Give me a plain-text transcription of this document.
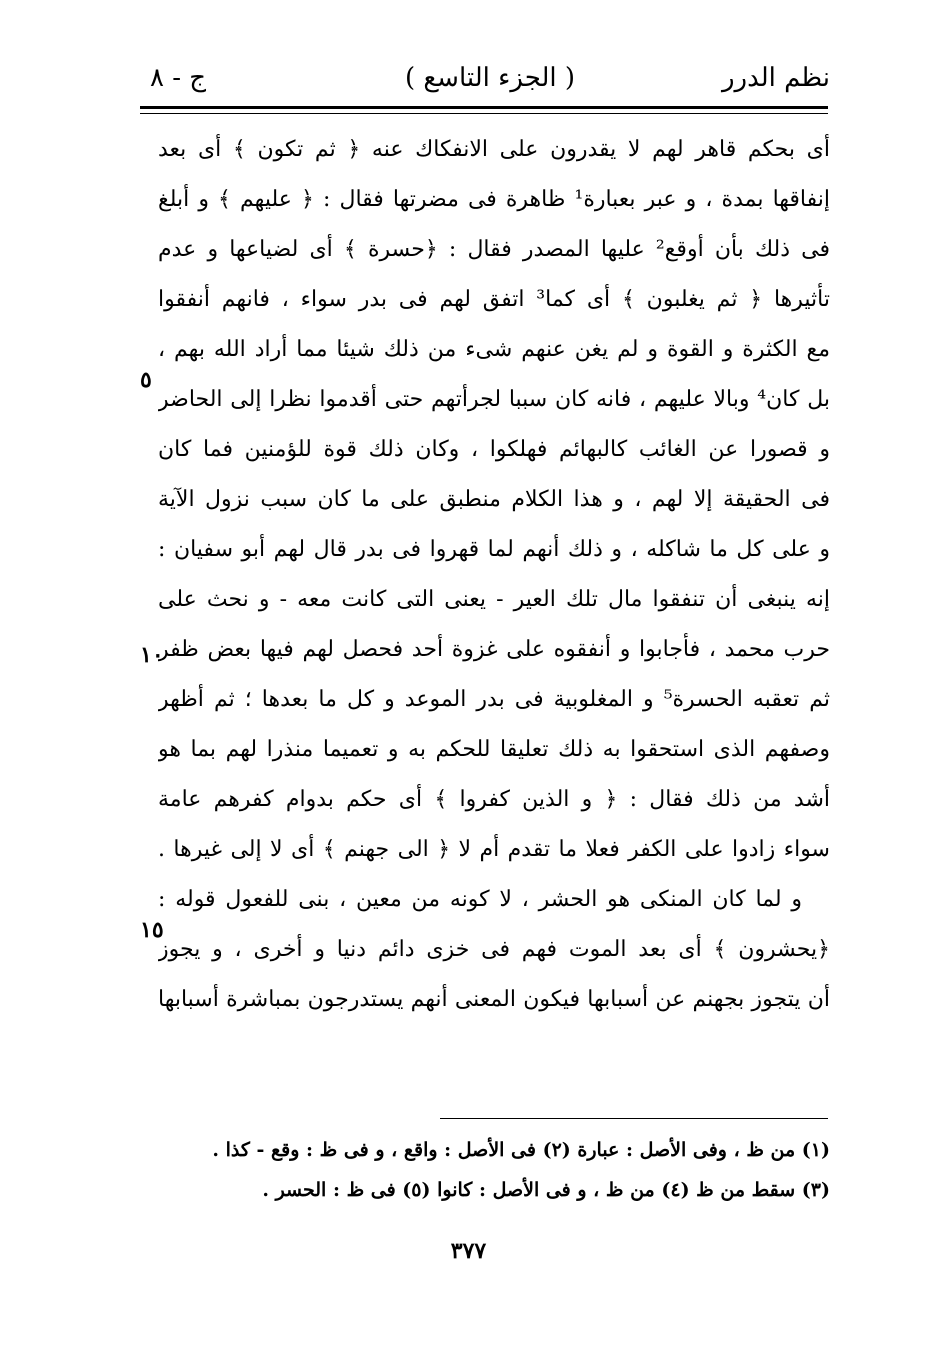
نظم الدرر
( الجزء التاسع )
ج - ٨
أى بحكم قاهر لهم لا يقدرون على الانفكاك عنه ﴿ ثم تكون ﴾ أى بعد
إنفاقها بمدة ، و عبر بعبارة¹ ظاهرة فى مضرتها فقال : ﴿ عليهم ﴾ و أبلغ
فى ذلك بأن أوقع² عليها المصدر فقال : ﴿حسرة ﴾ أى لضياعها و عدم
تأثيرها ﴿ ثم يغلبون ﴾ أى كما³ اتفق لهم فى بدر سواء ، فانهم أنفقوا
مع الكثرة و القوة و لم يغن عنهم شىء من ذلك شيئا مما أراد الله بهم ،
بل كان⁴ وبالا عليهم ، فانه كان سببا لجرأتهم حتى أقدموا نظرا إلى الحاضر
و قصورا عن الغائب كالبهائم فهلكوا ، وكان ذلك قوة للؤمنين فما كان
فى الحقيقة إلا لهم ، و هذا الكلام منطبق على ما كان سبب نزول الآية
و على كل ما شاكله ، و ذلك أنهم لما قهروا فى بدر قال لهم أبو سفيان :
إنه ينبغى أن تنفقوا مال تلك العير - يعنى التى كانت معه - و نحث على
حرب محمد ، فأجابوا و أنفقوه على غزوة أحد فحصل لهم فيها بعض ظفر
ثم تعقبه الحسرة⁵ و المغلوبية فى بدر الموعد و كل ما بعدها ؛ ثم أظهر
وصفهم الذى استحقوا به ذلك تعليقا للحكم به و تعميما منذرا لهم بما هو
أشد من ذلك فقال : ﴿ و الذين كفروا ﴾ أى حكم بدوام كفرهم عامة
سواء زادوا على الكفر فعلا ما تقدم أم لا ﴿ الى جهنم ﴾ أى لا إلى غيرها .
و لما كان المنكى هو الحشر ، لا كونه من معين ، بنى للفعول قوله :
﴿يحشرون ﴾ أى بعد الموت فهم فى خزى دائم دنيا و أخرى ، و يجوز
أن يتجوز بجهنم عن أسبابها فيكون المعنى أنهم يستدرجون بمباشرة أسبابها
٥
١٠
١٥
(١) من ظ ، وفى الأصل : عبارة (٢) فى الأصل : واقع ، و فى ظ : وقع - كذا .
(٣) سقط من ظ (٤) من ظ ، و فى الأصل : كانوا (٥) فى ظ : الحسر .
٣٧٧
